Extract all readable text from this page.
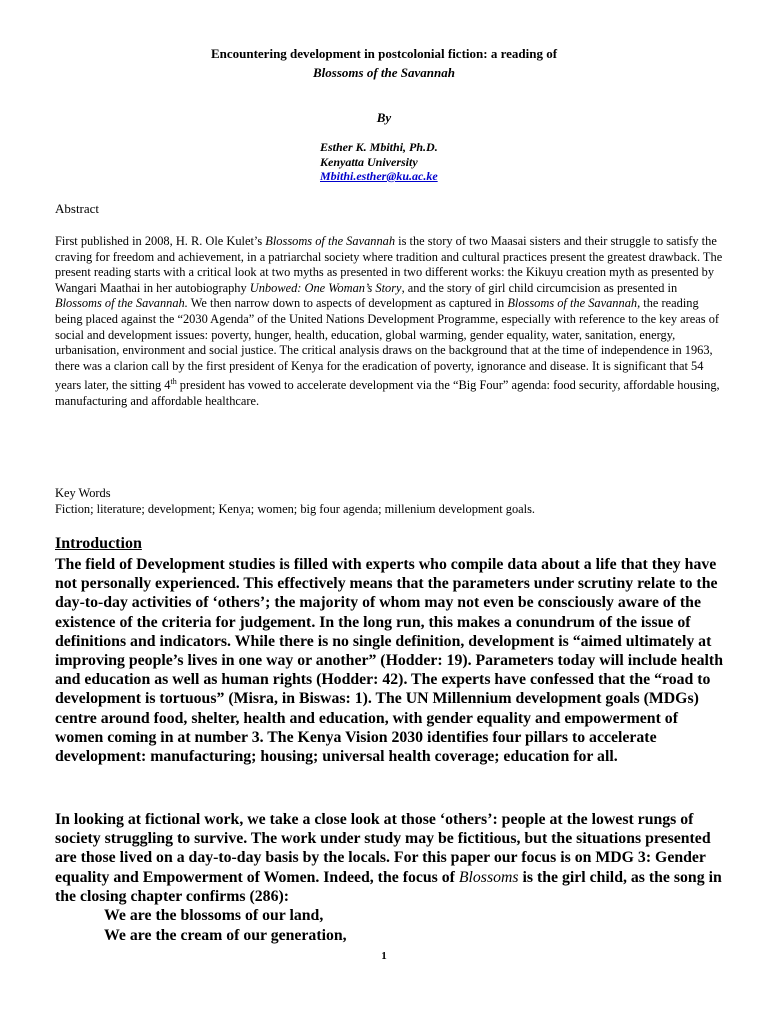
Encountering development in postcolonial fiction: a reading of
Blossoms of the Savannah
By
Esther K. Mbithi, Ph.D.
Kenyatta University
Mbithi.esther@ku.ac.ke
Abstract
First published in 2008, H. R. Ole Kulet’s Blossoms of the Savannah is the story of two Maasai sisters and their struggle to satisfy the craving for freedom and achievement, in a patriarchal society where tradition and cultural practices present the greatest drawback. The present reading starts with a critical look at two myths as presented in two different works: the Kikuyu creation myth as presented by Wangari Maathai in her autobiography Unbowed: One Woman’s Story, and the story of girl child circumcision as presented in Blossoms of the Savannah. We then narrow down to aspects of development as captured in Blossoms of the Savannah, the reading being placed against the “2030 Agenda” of the United Nations Development Programme, especially with reference to the key areas of social and development issues: poverty, hunger, health, education, global warming, gender equality, water, sanitation, energy, urbanisation, environment and social justice. The critical analysis draws on the background that at the time of independence in 1963, there was a clarion call by the first president of Kenya for the eradication of poverty, ignorance and disease. It is significant that 54 years later, the sitting 4th president has vowed to accelerate development via the “Big Four” agenda: food security, affordable housing, manufacturing and affordable healthcare.
Key Words
Fiction; literature; development; Kenya; women; big four agenda; millenium development goals.
Introduction
The field of Development studies is filled with experts who compile data about a life that they have not personally experienced. This effectively means that the parameters under scrutiny relate to the day-to-day activities of ‘others’; the majority of whom may not even be consciously aware of the existence of the criteria for judgement. In the long run, this makes a conundrum of the issue of definitions and indicators. While there is no single definition, development is “aimed ultimately at improving people’s lives in one way or another” (Hodder: 19). Parameters today will include health and education as well as human rights (Hodder: 42). The experts have confessed that the “road to development is tortuous” (Misra, in Biswas: 1). The UN Millennium development goals (MDGs) centre around food, shelter, health and education, with gender equality and empowerment of women coming in at number 3. The Kenya Vision 2030 identifies four pillars to accelerate development: manufacturing; housing; universal health coverage; education for all.
In looking at fictional work, we take a close look at those ‘others’: people at the lowest rungs of society struggling to survive. The work under study may be fictitious, but the situations presented are those lived on a day-to-day basis by the locals. For this paper our focus is on MDG 3: Gender equality and Empowerment of Women. Indeed, the focus of Blossoms is the girl child, as the song in the closing chapter confirms (286):
We are the blossoms of our land,
We are the cream of our generation,
1
